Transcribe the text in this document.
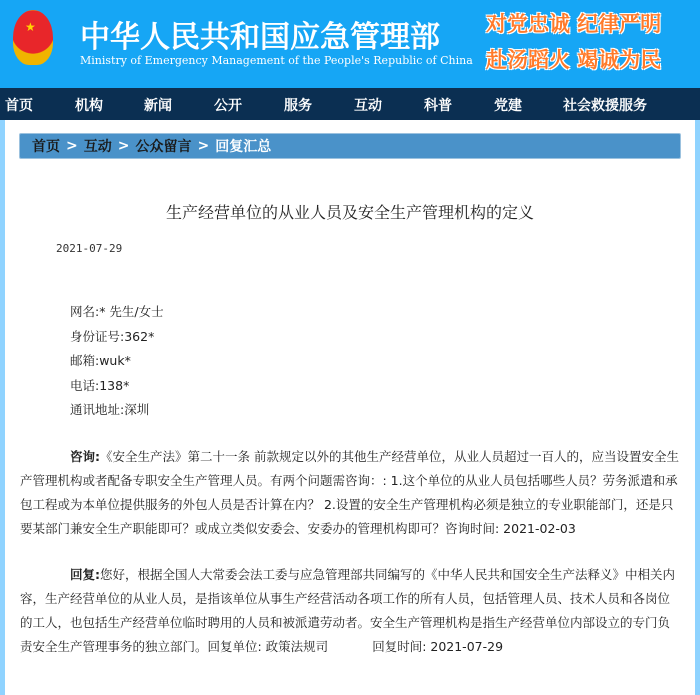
★ 中华人民共和国应急管理部
Ministry of Emergency Management of the People's Republic of China
对党忠诚 纪律严明
赴汤蹈火 竭诚为民
首页	机构	新闻	公开	服务	互动	科普	党建	社会救援服务
首页 > 互动 > 公众留言 > 回复汇总
生产经营单位的从业人员及安全生产管理机构的定义
2021-07-29
网名:* 先生/女士
身份证号:362*
邮箱:wuk*
电话:138*
通讯地址:深圳

咨询:《安全生产法》第二十一条 前款规定以外的其他生产经营单位，从业人员超过一百人的，应当设置安全生产管理机构或者配备专职安全生产管理人员。有两个问题需咨询：: 1.这个单位的从业人员包括哪些人员？劳务派遣和承包工程或为本单位提供服务的外包人员是否计算在内？ 2.设置的安全生产管理机构必须是独立的专业职能部门，还是只要某部门兼安全生产职能即可？或成立类似安委会、安委办的管理机构即可？咨询时间: 2021-02-03

回复:您好，根据全国人大常委会法工委与应急管理部共同编写的《中华人民共和国安全生产法释义》中相关内容，生产经营单位的从业人员，是指该单位从事生产经营活动各项工作的所有人员，包括管理人员、技术人员和各岗位的工人，也包括生产经营单位临时聘用的人员和被派遣劳动者。安全生产管理机构是指生产经营单位内部设立的专门负责安全生产管理事务的独立部门。回复单位: 政策法规司	回复时间: 2021-07-29
